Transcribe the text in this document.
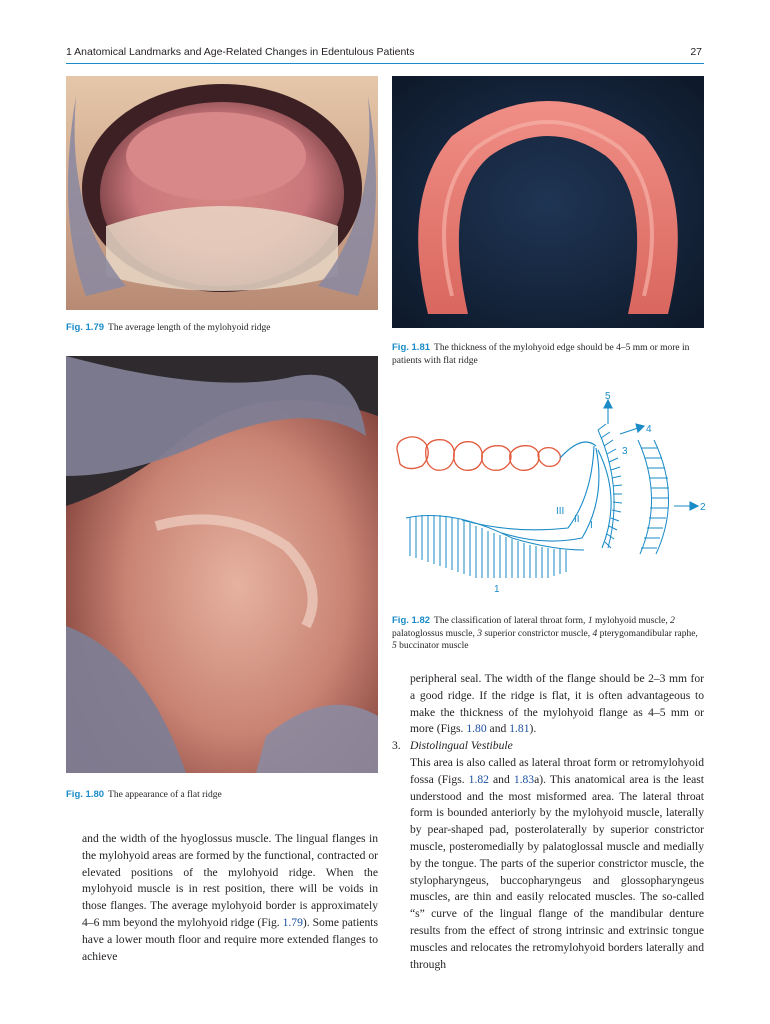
1 Anatomical Landmarks and Age-Related Changes in Edentulous Patients	27
Fig. 1.79 The average length of the mylohyoid ridge
Fig. 1.80 The appearance of a flat ridge
Fig. 1.81 The thickness of the mylohyoid edge should be 4–5 mm or more in patients with flat ridge
5
4
3
2
III
II
I
1
Fig. 1.82 The classification of lateral throat form, 1 mylohyoid muscle, 2 palatoglossus muscle, 3 superior constrictor muscle, 4 pterygomandibular raphe, 5 buccinator muscle

and the width of the hyoglossus muscle. The lingual flanges in the mylohyoid areas are formed by the functional, contracted or elevated positions of the mylohyoid ridge. When the mylohyoid muscle is in rest position, there will be voids in those flanges. The average mylohyoid border is approximately 4–6 mm beyond the mylohyoid ridge (Fig. 1.79). Some patients have a lower mouth floor and require more extended flanges to achieve

peripheral seal. The width of the flange should be 2–3 mm for a good ridge. If the ridge is flat, it is often advantageous to make the thickness of the mylohyoid flange as 4–5 mm or more (Figs. 1.80 and 1.81).

3. Distolingual Vestibule

This area is also called as lateral throat form or retromylohyoid fossa (Figs. 1.82 and 1.83a). This anatomical area is the least understood and the most misformed area. The lateral throat form is bounded anteriorly by the mylohyoid muscle, laterally by pear-shaped pad, posterolaterally by superior constrictor muscle, posteromedially by palatoglossal muscle and medially by the tongue. The parts of the superior constrictor muscle, the stylopharyngeus, buccopharyngeus and glossopharyngeus muscles, are thin and easily relocated muscles. The so-called “s” curve of the lingual flange of the mandibular denture results from the effect of strong intrinsic and extrinsic tongue muscles and relocates the retromylohyoid borders laterally and through
